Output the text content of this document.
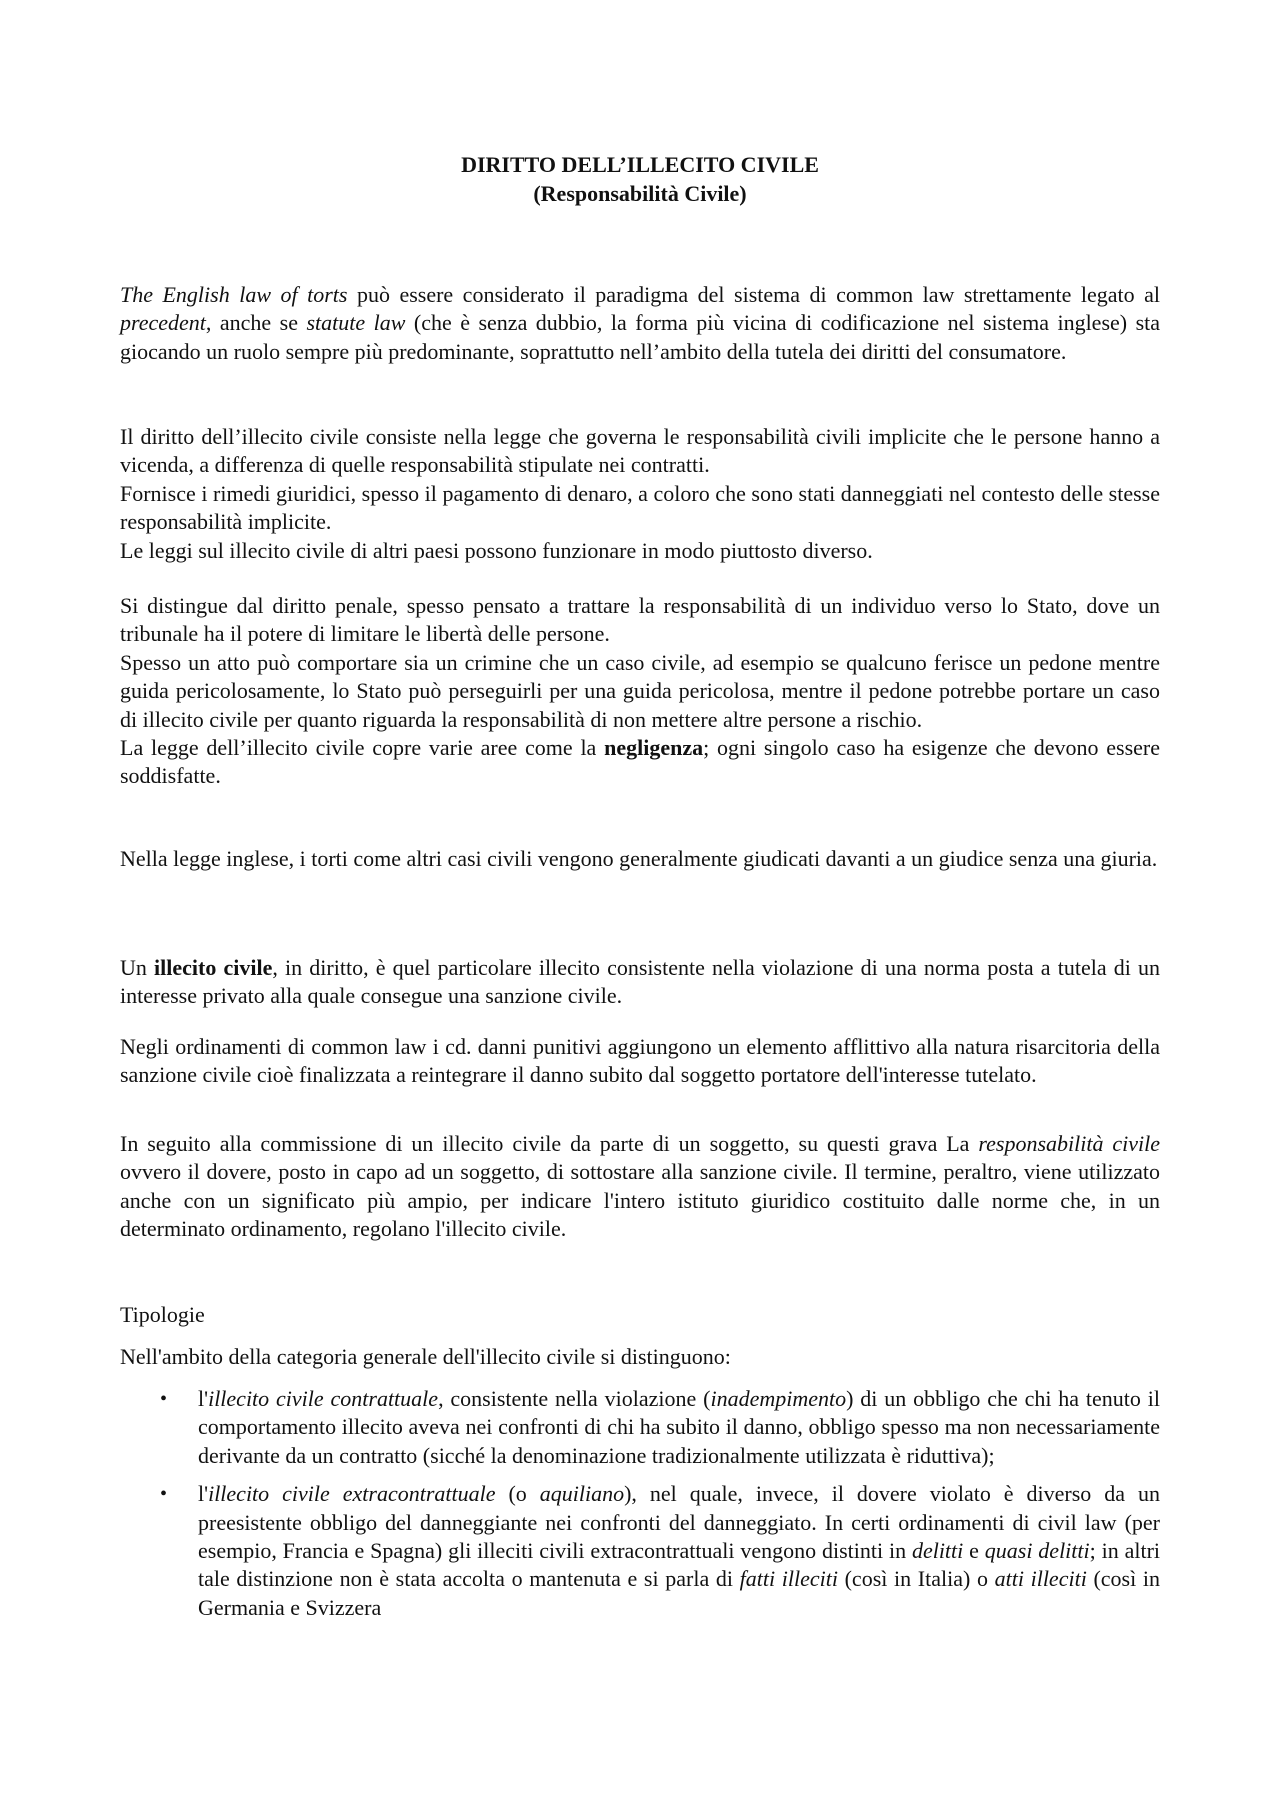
DIRITTO DELL’ILLECITO CIVILE
(Responsabilità Civile)

The English law of torts può essere considerato il paradigma del sistema di common law strettamente legato al precedent, anche se statute law (che è senza dubbio, la forma più vicina di codificazione nel sistema inglese) sta giocando un ruolo sempre più predominante, soprattutto nell’ambito della tutela dei diritti del consumatore.

Il diritto dell’illecito civile consiste nella legge che governa le responsabilità civili implicite che le persone hanno a vicenda, a differenza di quelle responsabilità stipulate nei contratti.
Fornisce i rimedi giuridici, spesso il pagamento di denaro, a coloro che sono stati danneggiati nel contesto delle stesse responsabilità implicite.
Le leggi sul illecito civile di altri paesi possono funzionare in modo piuttosto diverso.
Si distingue dal diritto penale, spesso pensato a trattare la responsabilità di un individuo verso lo Stato, dove un tribunale ha il potere di limitare le libertà delle persone.
Spesso un atto può comportare sia un crimine che un caso civile, ad esempio se qualcuno ferisce un pedone mentre guida pericolosamente, lo Stato può perseguirli per una guida pericolosa, mentre il pedone potrebbe portare un caso di illecito civile per quanto riguarda la responsabilità di non mettere altre persone a rischio.
La legge dell’illecito civile copre varie aree come la negligenza; ogni singolo caso ha esigenze che devono essere soddisfatte.

Nella legge inglese, i torti come altri casi civili vengono generalmente giudicati davanti a un giudice senza una giuria.

Un illecito civile, in diritto, è quel particolare illecito consistente nella violazione di una norma posta a tutela di un interesse privato alla quale consegue una sanzione civile.

Negli ordinamenti di common law i cd. danni punitivi aggiungono un elemento afflittivo alla natura risarcitoria della sanzione civile cioè finalizzata a reintegrare il danno subito dal soggetto portatore dell'interesse tutelato.

In seguito alla commissione di un illecito civile da parte di un soggetto, su questi grava La responsabilità civile ovvero il dovere, posto in capo ad un soggetto, di sottostare alla sanzione civile. Il termine, peraltro, viene utilizzato anche con un significato più ampio, per indicare l'intero istituto giuridico costituito dalle norme che, in un determinato ordinamento, regolano l'illecito civile.

Tipologie
Nell'ambito della categoria generale dell'illecito civile si distinguono:
• l'illecito civile contrattuale, consistente nella violazione (inadempimento) di un obbligo che chi ha tenuto il comportamento illecito aveva nei confronti di chi ha subito il danno, obbligo spesso ma non necessariamente derivante da un contratto (sicché la denominazione tradizionalmente utilizzata è riduttiva);
• l'illecito civile extracontrattuale (o aquiliano), nel quale, invece, il dovere violato è diverso da un preesistente obbligo del danneggiante nei confronti del danneggiato. In certi ordinamenti di civil law (per esempio, Francia e Spagna) gli illeciti civili extracontrattuali vengono distinti in delitti e quasi delitti; in altri tale distinzione non è stata accolta o mantenuta e si parla di fatti illeciti (così in Italia) o atti illeciti (così in Germania e Svizzera
